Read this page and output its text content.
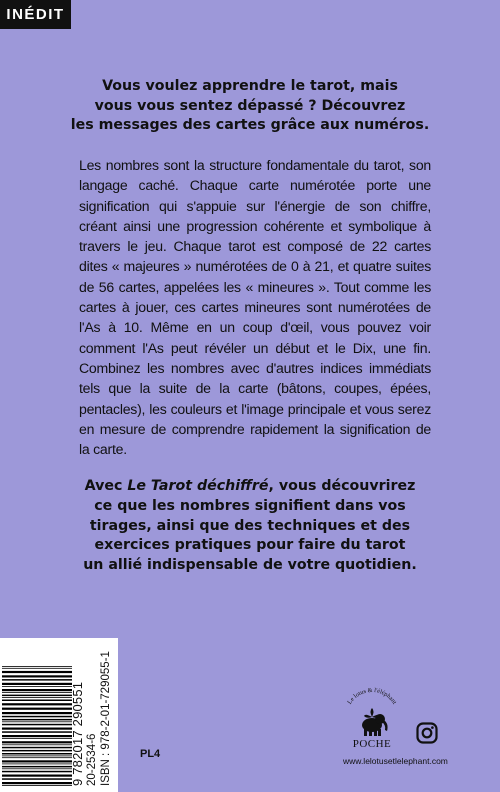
INÉDIT
Vous voulez apprendre le tarot, mais
vous vous sentez dépassé ? Découvrez
les messages des cartes grâce aux numéros.
Les nombres sont la structure fondamentale du tarot, son langage caché. Chaque carte numérotée porte une signification qui s'appuie sur l'énergie de son chiffre, créant ainsi une progression cohérente et symbolique à travers le jeu. Chaque tarot est composé de 22 cartes dites « majeures » numérotées de 0 à 21, et quatre suites de 56 cartes, appelées les « mineures ». Tout comme les cartes à jouer, ces cartes mineures sont numérotées de l'As à 10. Même en un coup d'œil, vous pouvez voir comment l'As peut révéler un début et le Dix, une fin. Combinez les nombres avec d'autres indices immédiats tels que la suite de la carte (bâtons, coupes, épées, pentacles), les couleurs et l'image principale et vous serez en mesure de comprendre rapidement la signification de la carte.
Avec Le Tarot déchiffré, vous découvrirez
ce que les nombres signifient dans vos
tirages, ainsi que des techniques et des
exercices pratiques pour faire du tarot
un allié indispensable de votre quotidien.
9 782017 290551 20-2534-6 ISBN : 978-2-01-729055-1	PL4
Le lotus & l'éléphant
POCHE
www.lelotusetlelephant.com
